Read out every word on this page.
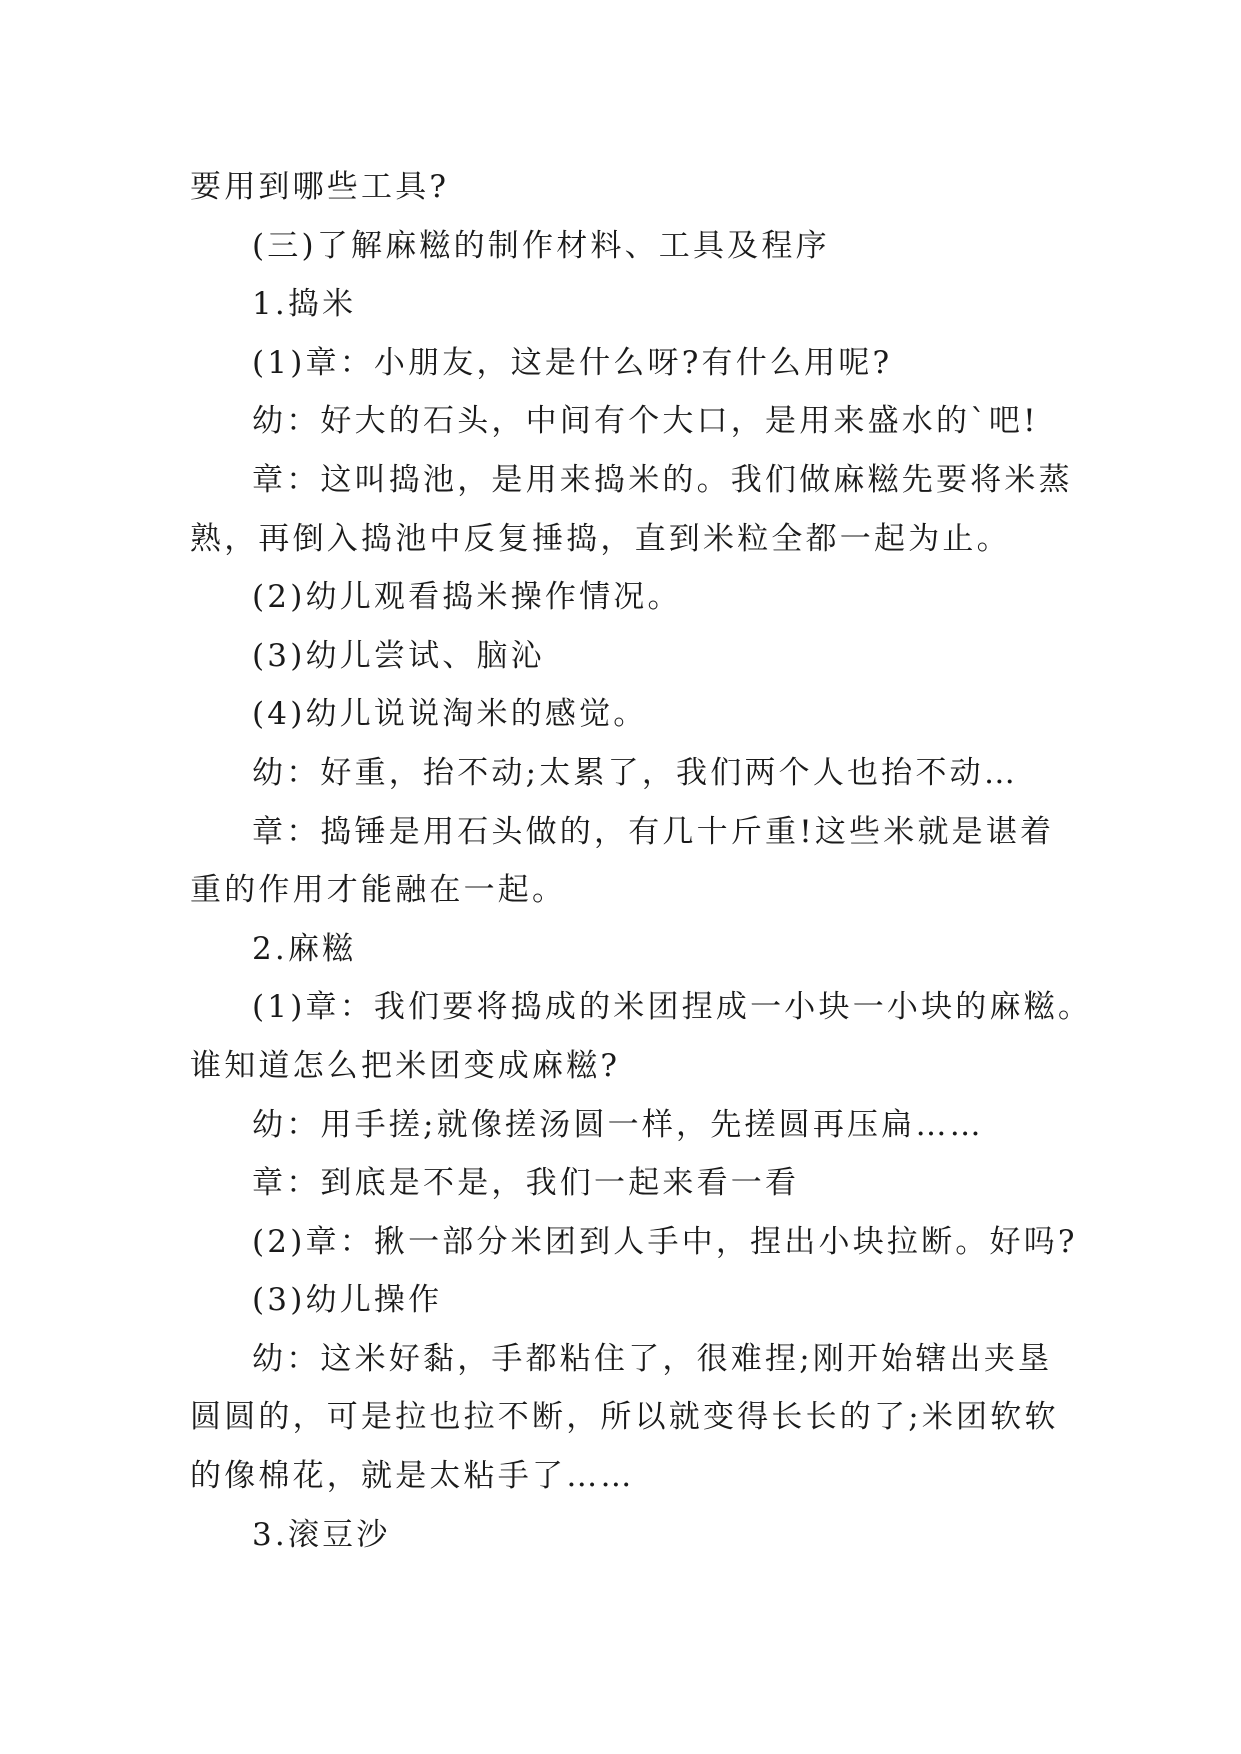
要用到哪些工具?
(三)了解麻糍的制作材料、工具及程序
1.捣米
(1)章：小朋友，这是什么呀?有什么用呢?
幼：好大的石头，中间有个大口，是用来盛水的`吧!
章：这叫捣池，是用来捣米的。我们做麻糍先要将米蒸
熟，再倒入捣池中反复捶捣，直到米粒全都一起为止。
(2)幼儿观看捣米操作情况。
(3)幼儿尝试、脑沁
(4)幼儿说说淘米的感觉。
幼：好重，抬不动;太累了，我们两个人也抬不动…
章：捣锤是用石头做的，有几十斤重!这些米就是谌着
重的作用才能融在一起。
2.麻糍
(1)章：我们要将捣成的米团捏成一小块一小块的麻糍。
谁知道怎么把米团变成麻糍?
幼：用手搓;就像搓汤圆一样，先搓圆再压扁……
章：到底是不是，我们一起来看一看
(2)章：揪一部分米团到人手中，捏出小块拉断。好吗?
(3)幼儿操作
幼：这米好黏，手都粘住了，很难捏;刚开始辖出夹垦
圆圆的，可是拉也拉不断，所以就变得长长的了;米团软软
的像棉花，就是太粘手了……
3.滚豆沙
